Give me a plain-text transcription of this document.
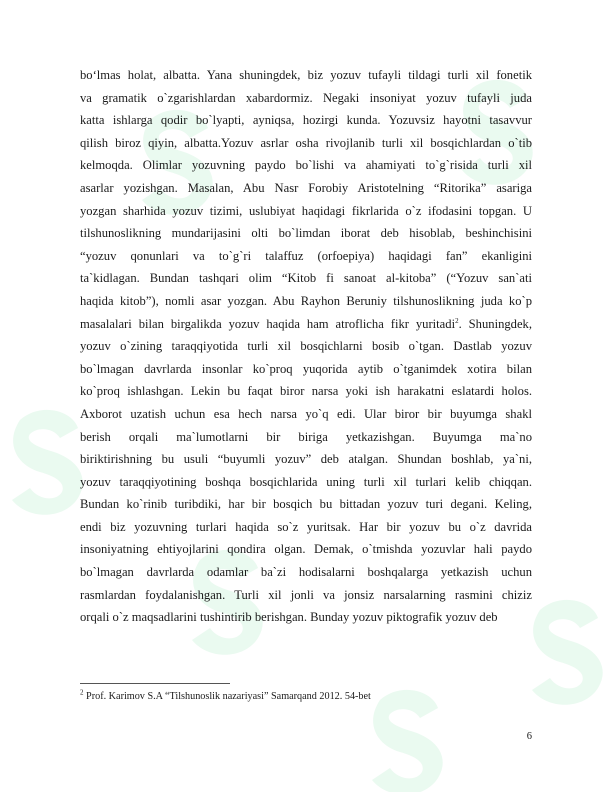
bo‘lmas holat, albatta. Yana shuningdek, biz yozuv tufayli tildagi turli xil fonetik
va gramatik o`zgarishlardan xabardormiz. Negaki insoniyat yozuv tufayli juda
katta ishlarga qodir bo`lyapti, ayniqsa, hozirgi kunda. Yozuvsiz hayotni tasavvur
qilish biroz qiyin, albatta.Yozuv asrlar osha rivojlanib turli xil bosqichlardan o`tib
kelmoqda. Olimlar yozuvning paydo bo`lishi va ahamiyati to`g`risida turli xil
asarlar yozishgan. Masalan, Abu Nasr Forobiy Aristotelning “Ritorika” asariga
yozgan sharhida yozuv tizimi, uslubiyat haqidagi fikrlarida o`z ifodasini topgan. U
tilshunoslikning mundarijasini olti bo`limdan iborat deb hisoblab, beshinchisini
“yozuv qonunlari va to`g`ri talaffuz (orfoepiya) haqidagi fan” ekanligini
ta`kidlagan. Bundan tashqari olim “Kitob fi sanoat al-kitoba” (“Yozuv san`ati
haqida kitob”), nomli asar yozgan. Abu Rayhon Beruniy tilshunoslikning juda ko`p
masalalari bilan birgalikda yozuv haqida ham atroflicha fikr yuritadi$^2$. Shuningdek,
yozuv o`zining taraqqiyotida turli xil bosqichlarni bosib o`tgan. Dastlab yozuv
bo`lmagan davrlarda insonlar ko`proq yuqorida aytib o`tganimdek xotira bilan
ko`proq ishlashgan. Lekin bu faqat biror narsa yoki ish harakatni eslatardi holos.
Axborot uzatish uchun esa hech narsa yo`q edi. Ular biror bir buyumga shakl
berish orqali ma`lumotlarni bir biriga yetkazishgan. Buyumga ma`no
biriktirishning bu usuli “buyumli yozuv” deb atalgan. Shundan boshlab, ya`ni,
yozuv taraqqiyotining boshqa bosqichlarida uning turli xil turlari kelib chiqqan.
Bundan ko`rinib turibdiki, har bir bosqich bu bittadan yozuv turi degani. Keling,
endi biz yozuvning turlari haqida so`z yuritsak. Har bir yozuv bu o`z davrida
insoniyatning ehtiyojlarini qondira olgan. Demak, o`tmishda yozuvlar hali paydo
bo`lmagan davrlarda odamlar ba`zi hodisalarni boshqalarga yetkazish uchun
rasmlardan foydalanishgan. Turli xil jonli va jonsiz narsalarning rasmini chiziz
orqali o`z maqsadlarini tushintirib berishgan. Bunday yozuv piktografik yozuv deb
$^2$ Prof. Karimov S.A “Tilshunoslik nazariyasi” Samarqand 2012. 54-bet
6
